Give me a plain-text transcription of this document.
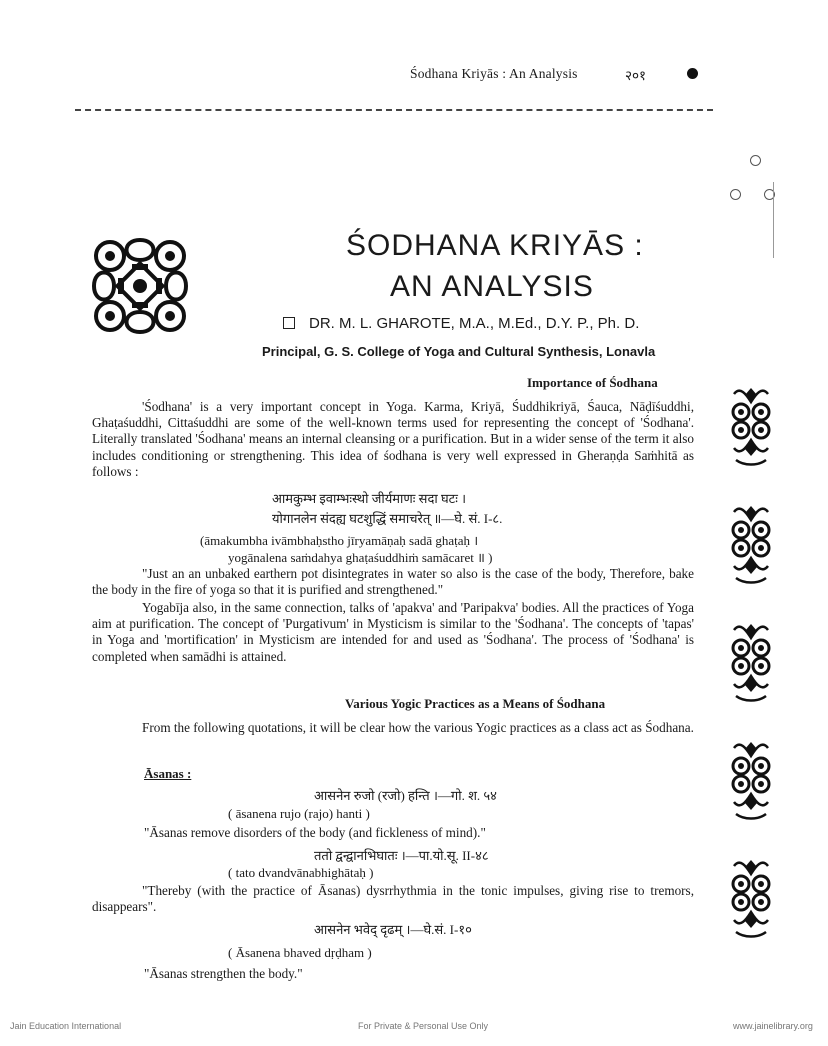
Śodhana Kriyās : An Analysis	२०१
ŚODHANA KRIYĀS :
AN ANALYSIS
DR. M. L. GHAROTE, M.A., M.Ed., D.Y. P., Ph. D.
Principal, G. S. College of Yoga and Cultural Synthesis, Lonavla
Importance of Śodhana
'Śodhana' is a very important concept in Yoga. Karma, Kriyā, Śuddhikriyā, Śauca, Nāḍīśuddhi, Ghaṭaśuddhi, Cittaśuddhi are some of the well-known terms used for representing the concept of 'Śodhana'. Literally translated 'Śodhana' means an internal cleansing or a purification. But in a wider sense of the term it also includes conditioning or strengthening. This idea of śodhana is very well expressed in Gheraṇḍa Saṁhitā as follows :
आमकुम्भ इवाम्भःस्थो जीर्यमाणः सदा घटः ।
योगानलेन संदह्य घटशुद्धिं समाचरेत् ॥—घे. सं. I-८.
(āmakumbha ivāmbhaḥstho jīryamāṇaḥ sadā ghaṭaḥ ।
yogānalena saṁdahya ghaṭaśuddhiṁ samācaret ॥ )
"Just an an unbaked earthern pot disintegrates in water so also is the case of the body, Therefore, bake the body in the fire of yoga so that it is purified and strengthened."
Yogabīja also, in the same connection, talks of 'apakva' and 'Paripakva' bodies. All the practices of Yoga aim at purification. The concept of 'Purgativum' in Mysticism is similar to the 'Śodhana'. The concepts of 'tapas' in Yoga and 'mortification' in Mysticism are intended for and used as 'Śodhana'. The process of 'Śodhana' is completed when samādhi is attained.
Various Yogic Practices as a Means of Śodhana
From the following quotations, it will be clear how the various Yogic practices as a class act as Śodhana.
Āsanas :
आसनेन रुजो (रजो) हन्ति ।—गो. श. ५४
( āsanena rujo (rajo) hanti )
"Āsanas remove disorders of the body (and fickleness of mind)."
ततो द्वन्द्वानभिघातः ।—पा.यो.सू. II-४८
( tato dvandvānabhighātaḥ )
"Thereby (with the practice of Āsanas) dysrrhythmia in the tonic impulses, giving rise to tremors, disappears".
आसनेन भवेद् दृढम् ।—घे.सं. I-१०
( Āsanena bhaved dṛḍham )
"Āsanas strengthen the body."
Jain Education International	For Private & Personal Use Only	www.jainelibrary.org
